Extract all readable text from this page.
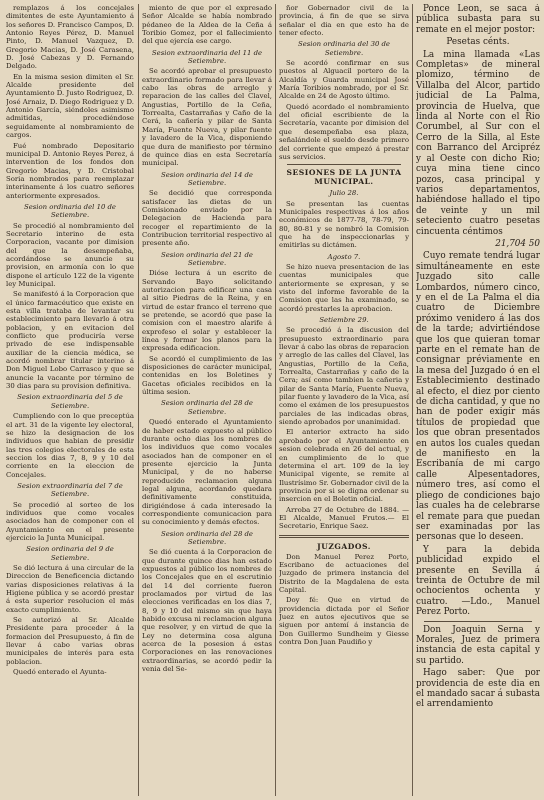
remplazos á los concejales dimitentes de este Ayuntamiento á los señores D. Francisco Campos, D. Antonio Reyes Pérez, D. Manuel Pinto, D. Manuel Vazquez, D. Gregorio Macias, D. José Carasena, D. José Cabezas y D. Fernando Delgado.

En la misma sesion dimiten el Sr. Alcalde presidente del Ayuntamiento D. Justo Rodriguez, D. José Arnaiz, D. Diego Rodriguez y D. Antonio García, siéndoles asimismo admitidas, procediéndose seguidamente al nombramiento de cargos.

Fué nombrado Depositario municipal D. Antonio Reyes Perez, á intervention de los fondos don Gregorio Macias, y D. Cristobal Soria nombrados para reemplazar interinamente á los cuatro señores anteriormente expresados.

Sesion ordinaria del 10 de Setiembre.

Se procedió al nombramiento del Secretario interino de esta Corporacion, vacante por dimision del que la desempeñaba, acordándose se anuncie su provision, en armonía con lo que dispone el artículo 122 de la vigente ley Municipal.

Se manifestó á la Corporacion que el único farmacéutico que existe en esta villa trataba de levantar su establecimiento para llevarlo á otra poblacion, y en evitacion del conflicto que produciría verse privado de ese indispensable auxiliar de la ciencia médica, se acordó nombrar titular interino á Don Miguel Lobo Carrasco y que se anuncie la vacante por término de 30 dias para su provision definitiva.

Sesion extraordinaria del 5 de Setiembre.

Cumpliendo con lo que preceptúa el art. 31 de la vigente ley electoral, se hizo la designacion de los individuos que habian de presidir las tres colegios electorales de esta seccion los dias 7, 8, 9 y 10 del corriente en la eleccion de Concejales.

Sesion extraordinaria del 7 de Setiembre.

Se procedió al sorteo de los individuos que como vocales asociados han de componer con el Ayuntamiento en el presente ejercicio la Junta Municipal.

Sesion ordinaria del 9 de Setiembre.

Se dió lectura á una circular de la Direccion de Beneficencia dictando varias disposiciones relativas á la Higiene pública y se acordó prestar á esta superior resolucion el más exacto cumplimiento.

Se autorizó al Sr. Alcalde Presidente para proceder á la formacion del Presupuesto, á fin de llevar á cabo varias obras municipales de interés para esta poblacion.

Quedó enterado el Ayunta-

miento de que por el expresado Señor Alcalde se había nombrado pédaneo de la Aldea de la Ceña á Toribio Gomez, por el fallecimiento del que ejercía ese cargo.

Sesion extraordinaria del 11 de Setiembre.

Se acordó aprobar el presupuesto extraordinario formado para llevar á cabo las obras de arreglo y reparacion de las calles del Clavel, Angustias, Portillo de la Ceña, Torrealta, Castarrañas y Caño de la Cerá, la cañería y pilar de Santa María, Fuente Nueva, y pilar fuente y lavadero de la Vica, disponiendo que dura de manifiesto por término de quince dias en esta Secretaría municipal.

Sesion ordinaria del 14 de Setiembre.

Se decidió que corresponda satisfacer las dietas de un Comisionado enviado por la Delegacion de Hacienda para recoger el repartimiento de la Contribucion territorial respectivo al presente año.

Sesion ordinaria del 21 de Setiembre.

Dióse lectura á un escrito de Servando Bayo solicitando autorizacion para edificar una casa al sitio Piedras de la Reina, y en virtud de estar franco el terreno que se pretende, se acordó que pase la comision con el maestro alarife á exprofeso el solar y establecer la línea y formar los planos para la expresada edificacion.

Se acordó el cumplimiento de las disposiciones de carácter municipal, contenidas en los Boletines y Gacetas oficiales recibidos en la última sesion.

Sesion ordinaria del 28 de Setiembre.

Quedó enterado el Ayuntamiento de haber estado expuesto al público durante ocho dias los nombres de los individuos que como vocales asociados han de componer en el presente ejercicio la Junta Municipal, y de no haberse reproducido reclamacion alguna legal alguna, acordando quedara definitivamente constituida, dirigiéndose á cada interesado la correspondiente comunicacion para su conocimiento y demás efectos.

Sesion ordinaria del 28 de Setiembre.

Se dió cuenta á la Corporacion de que durante quince dias han estado expuestos al público los nombres de los Concejales que en el escrutinio del 14 del corriente fueron proclamados por virtud de las elecciones verificadas en los dias 7, 8, 9 y 10 del mismo sin que haya habido excusa ni reclamacion alguna que resolver, y en virtud de que la Ley no determina cosa alguna acerca de la posesion á estas Corporaciones en las renovaciones extraordinarias, se acordó pedir la venia del Se-

ñor Gobernador civil de la provincia, á fin de que se sirva señalar el dia en que esto ha de tener efecto.

Sesion ordinaria del 30 de Setiembre.

Se acordó confirmar en sus puestos al Alguacil portero de la Alcaldía y Guarda municipal José María Toribios nombrado, por el Sr. Alcalde en 24 de Agosto último.

Quedó acordado el nombramiento del oficial escribiente de la Secretaría, vacante por dimision del que desempeñaba esa plaza, señalándole el sueldo desde primero del corriente que empezó á prestar sus servicios.

SESIONES DE LA JUNTA MUNICIPAL.

Julio 28.

Se presentan las cuentas Municipales respectivas á los años económicos de 1877-78, 78-79, 79-80, 80-81 y se nombró la Comision que ha de inspeccionarlas y emitirlas su dictámen.

Agosto 7.

Se hizo nueva presentacion de las cuentas municipales que anteriormente se expresan, y se visto del informe favorable de la Comision que las ha examinado, se acordó prestarles la aprobacion.

Setiembre 29.

Se procedió á la discusion del presupuesto extraordinario para llevar á cabo las obras de reparacion y arreglo de las calles del Clavel, las Angustias, Portillo de la Ceña, Torrealta, Castarrañas y caño de la Cera; así como tambien la cañeria y pilar de Santa María, Fuente Nueva, pilar fuente y lavadero de la Vica, así como el exámen de los presupuestos parciales de las indicadas obras, siendo aprobados por unanimidad.

El anterior extracto ha sido aprobado por el Ayuntamiento en sesion celebrada en 26 del actual, y en cumplimiento de lo que determina el art. 109 de la ley Municipal vigente, se remite al Ilustrísimo Sr. Gobernador civil de la provincia por si se digna ordenar su insercion en el Boletin oficial.

Arroba 27 de Octubre de 1884. —El Alcalde, Manuel Frutos.— El Secretario, Enrique Saez.

JUZGADOS.

Don Manuel Perez Porto, Escribano de actuaciones del Juzgado de primera instancia del Distrito de la Magdalena de esta Capital.

Doy fé: Que en virtud de providencia dictada por el Señor Juez en autos ejecutivos que se siguen por antemí á instancia de Don Guillermo Sundheim y Giesse contra Don Juan Paudiño y

Ponce Leon, se saca á pública subasta para su remate en el mejor postor:

Pesetas cénts.

La mina llamada «Las Completas» de mineral plomizo, término de Villalba del Alcor, partido judicial de La Palma, provincia de Huelva, que linda al Norte con el Rio Corumbel, al Sur con el Cerro de la Silla, al Este con Barranco del Arcipréz y al Oeste con dicho Rio; cuya mina tiene cinco pozos, casa principal y varios departamentos, habiéndose hallado el tipo de veinte y un mil seteciento cuatro pesetas cincuenta céntimos

21,704 50

Cuyo remate tendrá lugar simultáneamente en este Juzgado sito calle Lombardos, número cinco, y en el de La Palma el dia cuatro de Diciembre próximo venidero á las dos de la tarde; advirtiéndose que los que quieran tomar parte en el remate han de consignar préviamente en la mesa del Juzgado ó en el Establecimiento destinado al efecto, el diez por ciento de dicha cantidad, y que no han de poder exigir más títulos de propiedad que los que obran presentados en autos los cuales quedan de manifiesto en la Escribanía de mi cargo calle Alpesentadores, número tres, así como el pliego de condiciones bajo las cuales ha de celebrarse el remate para que puedan ser examinadas por las personas que lo deseen.

Y para la debida publicidad expido el presente en Sevilla á treinta de Octubre de mil ochocientos ochenta y cuatro. —Ldo., Manuel Perez Porto.

Don Joaquin Serna y Morales, Juez de primera instancia de esta capital y su partido.

Hago saber: Que por providencia de este dia en el mandado sacar á subasta el arrendamiento
